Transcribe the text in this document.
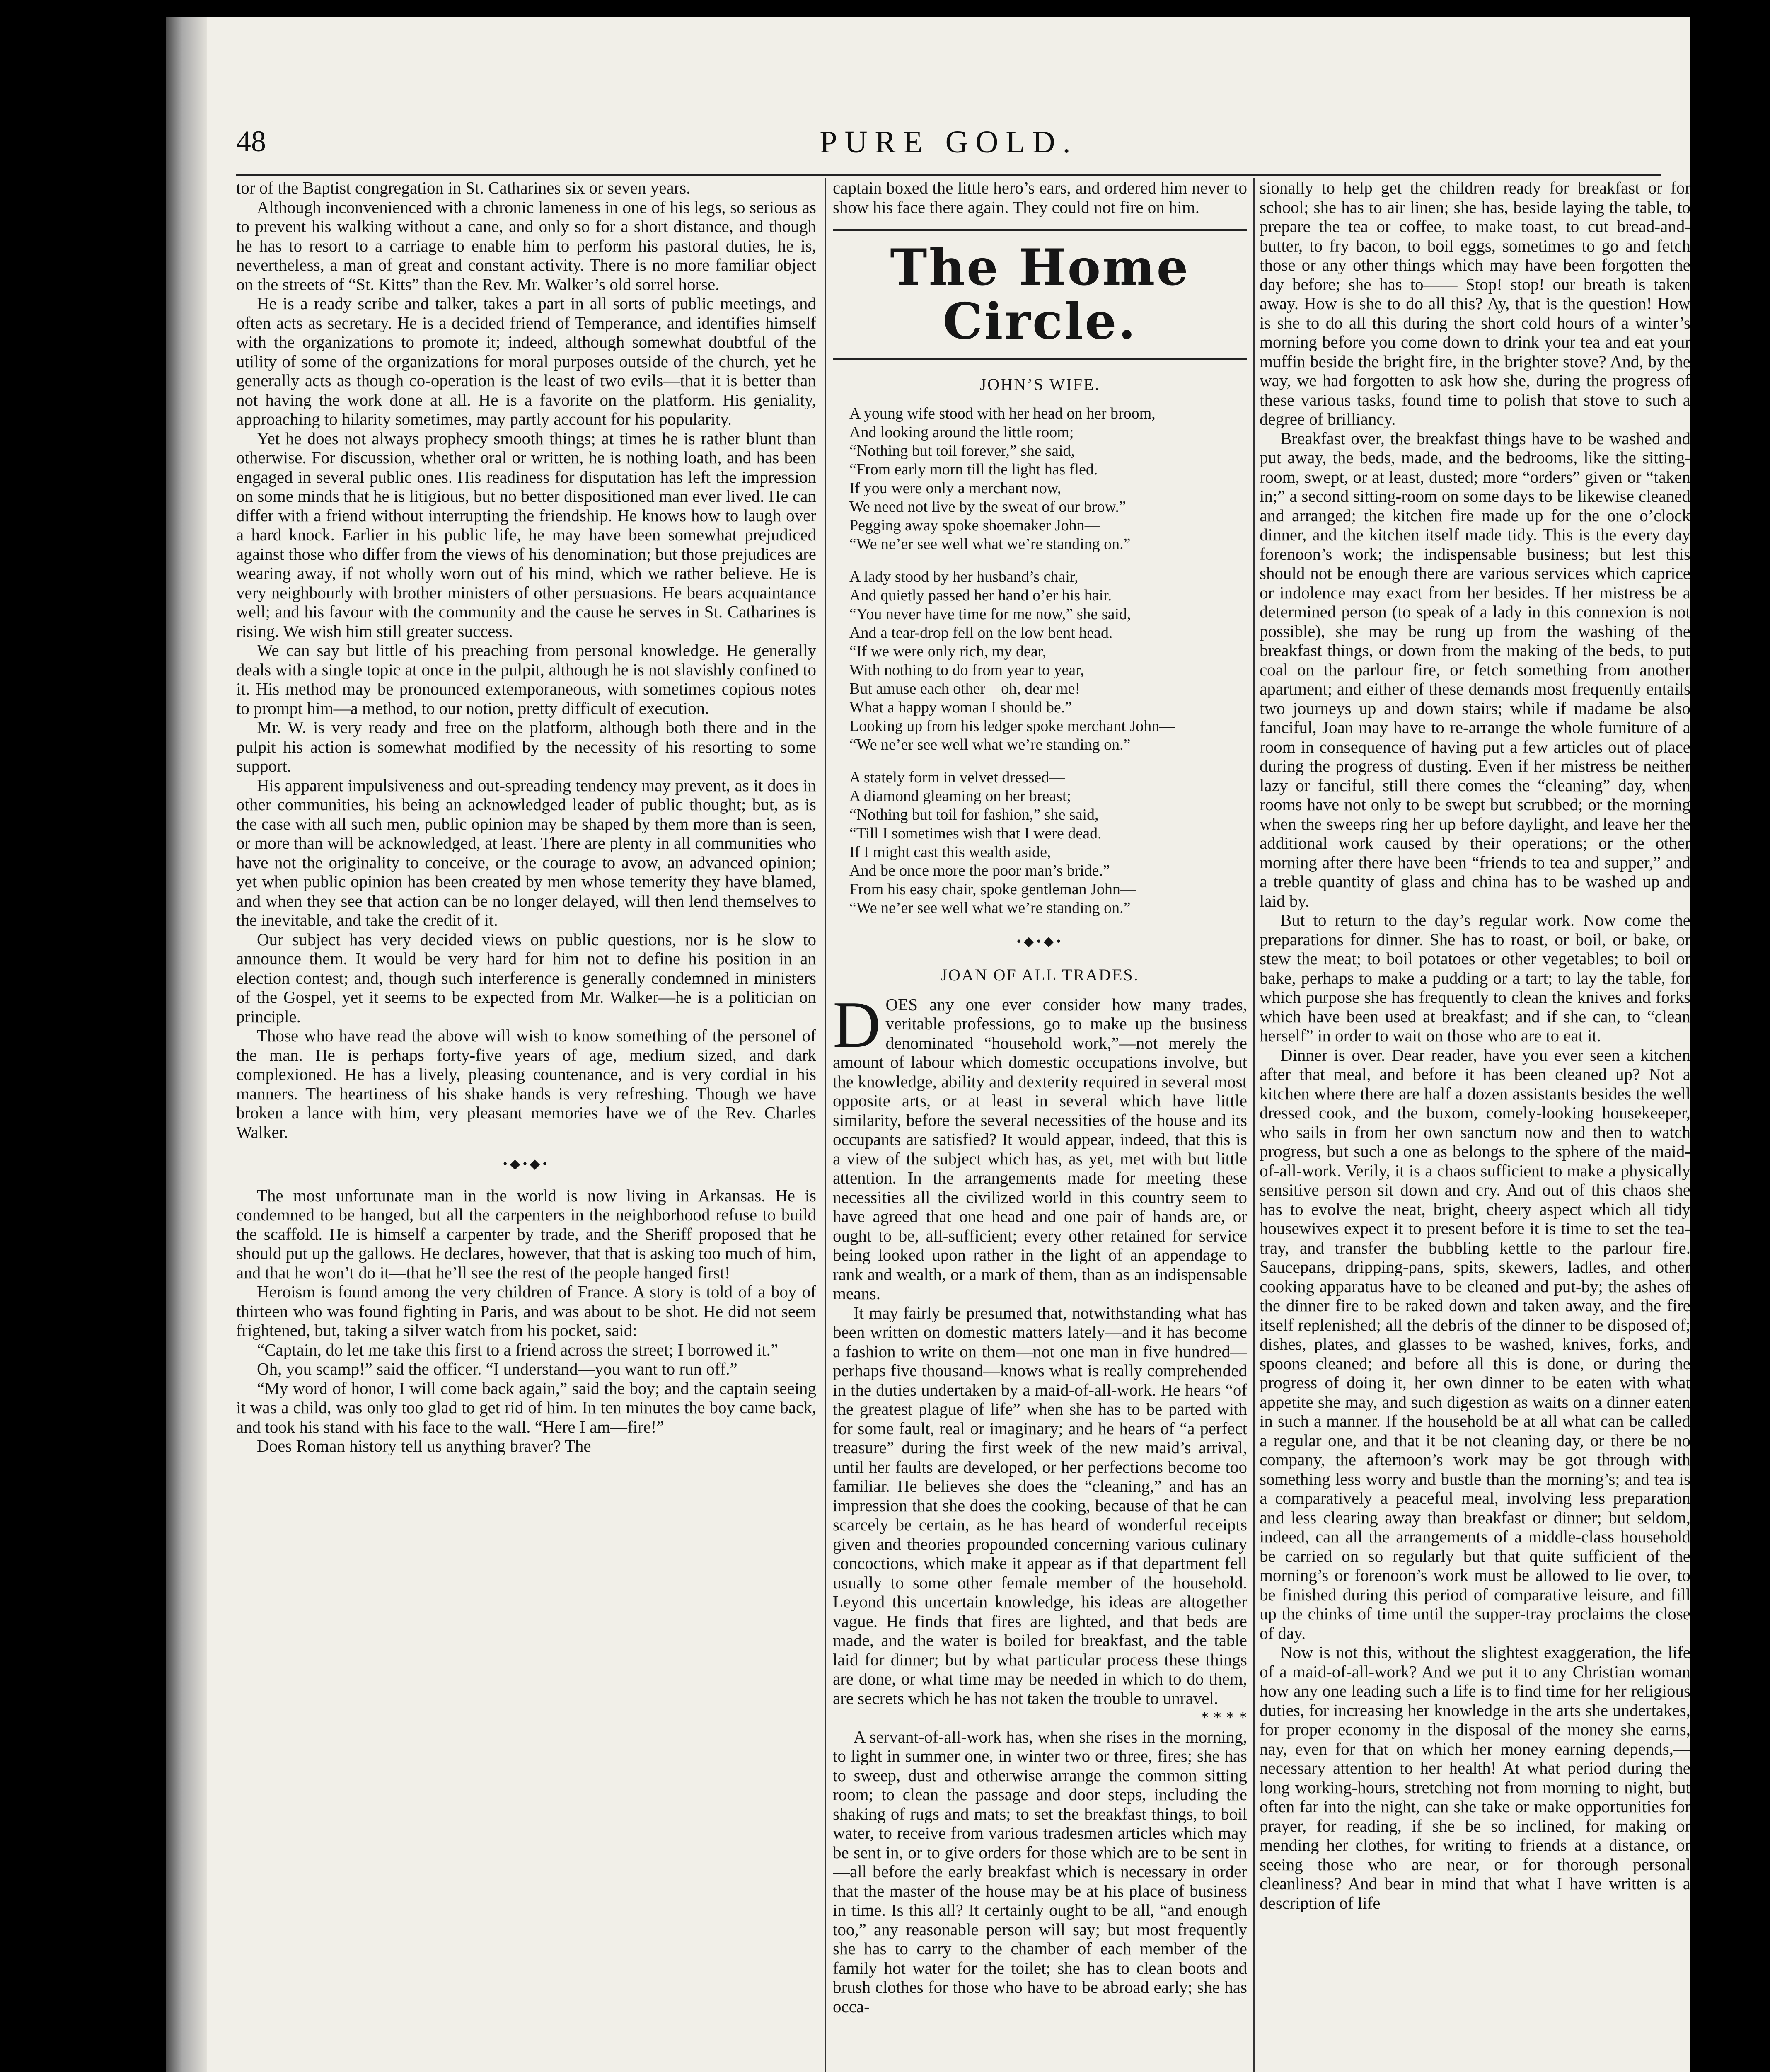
48	PURE GOLD.

tor of the Baptist congregation in St. Catharines six or seven years.

Although inconvenienced with a chronic lameness in one of his legs, so serious as to prevent his walking without a cane, and only so for a short distance, and though he has to resort to a carriage to enable him to perform his pastoral duties, he is, nevertheless, a man of great and constant activity. There is no more familiar object on the streets of “St. Kitts” than the Rev. Mr. Walker’s old sorrel horse.

He is a ready scribe and talker, takes a part in all sorts of public meetings, and often acts as secretary. He is a decided friend of Temperance, and identifies himself with the organizations to promote it; indeed, although somewhat doubtful of the utility of some of the organizations for moral purposes outside of the church, yet he generally acts as though co-operation is the least of two evils—that it is better than not having the work done at all. He is a favorite on the platform. His geniality, approaching to hilarity sometimes, may partly account for his popularity.

Yet he does not always prophecy smooth things; at times he is rather blunt than otherwise. For discussion, whether oral or written, he is nothing loath, and has been engaged in several public ones. His readiness for disputation has left the impression on some minds that he is litigious, but no better dispositioned man ever lived. He can differ with a friend without interrupting the friendship. He knows how to laugh over a hard knock. Earlier in his public life, he may have been somewhat prejudiced against those who differ from the views of his denomination; but those prejudices are wearing away, if not wholly worn out of his mind, which we rather believe. He is very neighbourly with brother ministers of other persuasions. He bears acquaintance well; and his favour with the community and the cause he serves in St. Catharines is rising. We wish him still greater success.

We can say but little of his preaching from personal knowledge. He generally deals with a single topic at once in the pulpit, although he is not slavishly confined to it. His method may be pronounced extemporaneous, with sometimes copious notes to prompt him—a method, to our notion, pretty difficult of execution.

Mr. W. is very ready and free on the platform, although both there and in the pulpit his action is somewhat modified by the necessity of his resorting to some support.

His apparent impulsiveness and out-spreading tendency may prevent, as it does in other communities, his being an acknowledged leader of public thought; but, as is the case with all such men, public opinion may be shaped by them more than is seen, or more than will be acknowledged, at least. There are plenty in all communities who have not the originality to conceive, or the courage to avow, an advanced opinion; yet when public opinion has been created by men whose temerity they have blamed, and when they see that action can be no longer delayed, will then lend themselves to the inevitable, and take the credit of it.

Our subject has very decided views on public questions, nor is he slow to announce them. It would be very hard for him not to define his position in an election contest; and, though such interference is generally condemned in ministers of the Gospel, yet it seems to be expected from Mr. Walker—he is a politician on principle.

Those who have read the above will wish to know something of the personel of the man. He is perhaps forty-five years of age, medium sized, and dark complexioned. He has a lively, pleasing countenance, and is very cordial in his manners. The heartiness of his shake hands is very refreshing. Though we have broken a lance with him, very pleasant memories have we of the Rev. Charles Walker.

•◆•◆•

The most unfortunate man in the world is now living in Arkansas. He is condemned to be hanged, but all the carpenters in the neighborhood refuse to build the scaffold. He is himself a carpenter by trade, and the Sheriff proposed that he should put up the gallows. He declares, however, that that is asking too much of him, and that he won’t do it—that he’ll see the rest of the people hanged first!

Heroism is found among the very children of France. A story is told of a boy of thirteen who was found fighting in Paris, and was about to be shot. He did not seem frightened, but, taking a silver watch from his pocket, said:

“Captain, do let me take this first to a friend across the street; I borrowed it.”

Oh, you scamp!” said the officer. “I understand—you want to run off.”

“My word of honor, I will come back again,” said the boy; and the captain seeing it was a child, was only too glad to get rid of him. In ten minutes the boy came back, and took his stand with his face to the wall. “Here I am—fire!”

Does Roman history tell us anything braver? The

captain boxed the little hero’s ears, and ordered him never to show his face there again. They could not fire on him.

The Home Circle.
JOHN’S WIFE.
A young wife stood with her head on her broom,
And looking around the little room;
“Nothing but toil forever,” she said,
“From early morn till the light has fled.
If you were only a merchant now,
We need not live by the sweat of our brow.”
Pegging away spoke shoemaker John—
“We ne’er see well what we’re standing on.”
A lady stood by her husband’s chair,
And quietly passed her hand o’er his hair.
“You never have time for me now,” she said,
And a tear-drop fell on the low bent head.
“If we were only rich, my dear,
With nothing to do from year to year,
But amuse each other—oh, dear me!
What a happy woman I should be.”
Looking up from his ledger spoke merchant John—
“We ne’er see well what we’re standing on.”
A stately form in velvet dressed—
A diamond gleaming on her breast;
“Nothing but toil for fashion,” she said,
“Till I sometimes wish that I were dead.
If I might cast this wealth aside,
And be once more the poor man’s bride.”
From his easy chair, spoke gentleman John—
“We ne’er see well what we’re standing on.”
•◆•◆•
JOAN OF ALL TRADES.

DOES any one ever consider how many trades, veritable professions, go to make up the business denominated “household work,”—not merely the amount of labour which domestic occupations involve, but the knowledge, ability and dexterity required in several most opposite arts, or at least in several which have little similarity, before the several necessities of the house and its occupants are satisfied? It would appear, indeed, that this is a view of the subject which has, as yet, met with but little attention. In the arrangements made for meeting these necessities all the civilized world in this country seem to have agreed that one head and one pair of hands are, or ought to be, all-sufficient; every other retained for service being looked upon rather in the light of an appendage to rank and wealth, or a mark of them, than as an indispensable means.

It may fairly be presumed that, notwithstanding what has been written on domestic matters lately—and it has become a fashion to write on them—not one man in five hundred—perhaps five thousand—knows what is really comprehended in the duties undertaken by a maid-of-all-work. He hears “of the greatest plague of life” when she has to be parted with for some fault, real or imaginary; and he hears of “a perfect treasure” during the first week of the new maid’s arrival, until her faults are developed, or her perfections become too familiar. He believes she does the “cleaning,” and has an impression that she does the cooking, because of that he can scarcely be certain, as he has heard of wonderful receipts given and theories propounded concerning various culinary concoctions, which make it appear as if that department fell usually to some other female member of the household. Leyond this uncertain knowledge, his ideas are altogether vague. He finds that fires are lighted, and that beds are made, and the water is boiled for breakfast, and the table laid for dinner; but by what particular process these things are done, or what time may be needed in which to do them, are secrets which he has not taken the trouble to unravel.

* * * *

A servant-of-all-work has, when she rises in the morning, to light in summer one, in winter two or three, fires; she has to sweep, dust and otherwise arrange the common sitting room; to clean the passage and door steps, including the shaking of rugs and mats; to set the breakfast things, to boil water, to receive from various tradesmen articles which may be sent in, or to give orders for those which are to be sent in—all before the early breakfast which is necessary in order that the master of the house may be at his place of business in time. Is this all? It certainly ought to be all, “and enough too,” any reasonable person will say; but most frequently she has to carry to the chamber of each member of the family hot water for the toilet; she has to clean boots and brush clothes for those who have to be abroad early; she has occa-

sionally to help get the children ready for breakfast or for school; she has to air linen; she has, beside laying the table, to prepare the tea or coffee, to make toast, to cut bread-and-butter, to fry bacon, to boil eggs, sometimes to go and fetch those or any other things which may have been forgotten the day before; she has to—— Stop! stop! our breath is taken away. How is she to do all this? Ay, that is the question! How is she to do all this during the short cold hours of a winter’s morning before you come down to drink your tea and eat your muffin beside the bright fire, in the brighter stove? And, by the way, we had forgotten to ask how she, during the progress of these various tasks, found time to polish that stove to such a degree of brilliancy.

Breakfast over, the breakfast things have to be washed and put away, the beds, made, and the bedrooms, like the sitting-room, swept, or at least, dusted; more “orders” given or “taken in;” a second sitting-room on some days to be likewise cleaned and arranged; the kitchen fire made up for the one o’clock dinner, and the kitchen itself made tidy. This is the every day forenoon’s work; the indispensable business; but lest this should not be enough there are various services which caprice or indolence may exact from her besides. If her mistress be a determined person (to speak of a lady in this connexion is not possible), she may be rung up from the washing of the breakfast things, or down from the making of the beds, to put coal on the parlour fire, or fetch something from another apartment; and either of these demands most frequently entails two journeys up and down stairs; while if madame be also fanciful, Joan may have to re-arrange the whole furniture of a room in consequence of having put a few articles out of place during the progress of dusting. Even if her mistress be neither lazy or fanciful, still there comes the “cleaning” day, when rooms have not only to be swept but scrubbed; or the morning when the sweeps ring her up before daylight, and leave her the additional work caused by their operations; or the other morning after there have been “friends to tea and supper,” and a treble quantity of glass and china has to be washed up and laid by.

But to return to the day’s regular work. Now come the preparations for dinner. She has to roast, or boil, or bake, or stew the meat; to boil potatoes or other vegetables; to boil or bake, perhaps to make a pudding or a tart; to lay the table, for which purpose she has frequently to clean the knives and forks which have been used at breakfast; and if she can, to “clean herself” in order to wait on those who are to eat it.

Dinner is over. Dear reader, have you ever seen a kitchen after that meal, and before it has been cleaned up? Not a kitchen where there are half a dozen assistants besides the well dressed cook, and the buxom, comely-looking housekeeper, who sails in from her own sanctum now and then to watch progress, but such a one as belongs to the sphere of the maid-of-all-work. Verily, it is a chaos sufficient to make a physically sensitive person sit down and cry. And out of this chaos she has to evolve the neat, bright, cheery aspect which all tidy housewives expect it to present before it is time to set the tea-tray, and transfer the bubbling kettle to the parlour fire. Saucepans, dripping-pans, spits, skewers, ladles, and other cooking apparatus have to be cleaned and put-by; the ashes of the dinner fire to be raked down and taken away, and the fire itself replenished; all the debris of the dinner to be disposed of; dishes, plates, and glasses to be washed, knives, forks, and spoons cleaned; and before all this is done, or during the progress of doing it, her own dinner to be eaten with what appetite she may, and such digestion as waits on a dinner eaten in such a manner. If the household be at all what can be called a regular one, and that it be not cleaning day, or there be no company, the afternoon’s work may be got through with something less worry and bustle than the morning’s; and tea is a comparatively a peaceful meal, involving less preparation and less clearing away than breakfast or dinner; but seldom, indeed, can all the arrangements of a middle-class household be carried on so regularly but that quite sufficient of the morning’s or forenoon’s work must be allowed to lie over, to be finished during this period of comparative leisure, and fill up the chinks of time until the supper-tray proclaims the close of day.

Now is not this, without the slightest exaggeration, the life of a maid-of-all-work? And we put it to any Christian woman how any one leading such a life is to find time for her religious duties, for increasing her knowledge in the arts she undertakes, for proper economy in the disposal of the money she earns, nay, even for that on which her money earning depends,—necessary attention to her health! At what period during the long working-hours, stretching not from morning to night, but often far into the night, can she take or make opportunities for prayer, for reading, if she be so inclined, for making or mending her clothes, for writing to friends at a distance, or seeing those who are near, or for thorough personal cleanliness? And bear in mind that what I have written is a description of life
